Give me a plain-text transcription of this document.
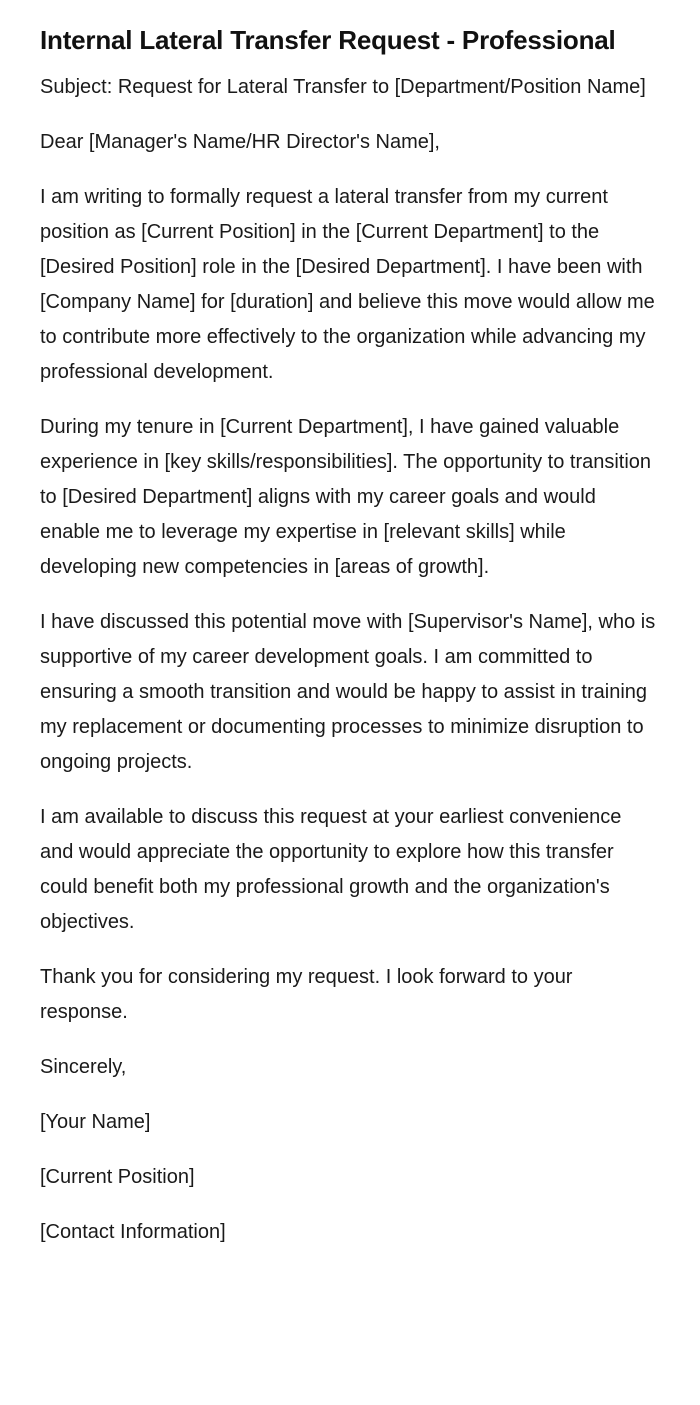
Internal Lateral Transfer Request - Professional

Subject: Request for Lateral Transfer to [Department/Position Name]

Dear [Manager's Name/HR Director's Name],

I am writing to formally request a lateral transfer from my current position as [Current Position] in the [Current Department] to the [Desired Position] role in the [Desired Department]. I have been with [Company Name] for [duration] and believe this move would allow me to contribute more effectively to the organization while advancing my professional development.

During my tenure in [Current Department], I have gained valuable experience in [key skills/responsibilities]. The opportunity to transition to [Desired Department] aligns with my career goals and would enable me to leverage my expertise in [relevant skills] while developing new competencies in [areas of growth].

I have discussed this potential move with [Supervisor's Name], who is supportive of my career development goals. I am committed to ensuring a smooth transition and would be happy to assist in training my replacement or documenting processes to minimize disruption to ongoing projects.

I am available to discuss this request at your earliest convenience and would appreciate the opportunity to explore how this transfer could benefit both my professional growth and the organization's objectives.

Thank you for considering my request. I look forward to your response.

Sincerely,

[Your Name]

[Current Position]

[Contact Information]
